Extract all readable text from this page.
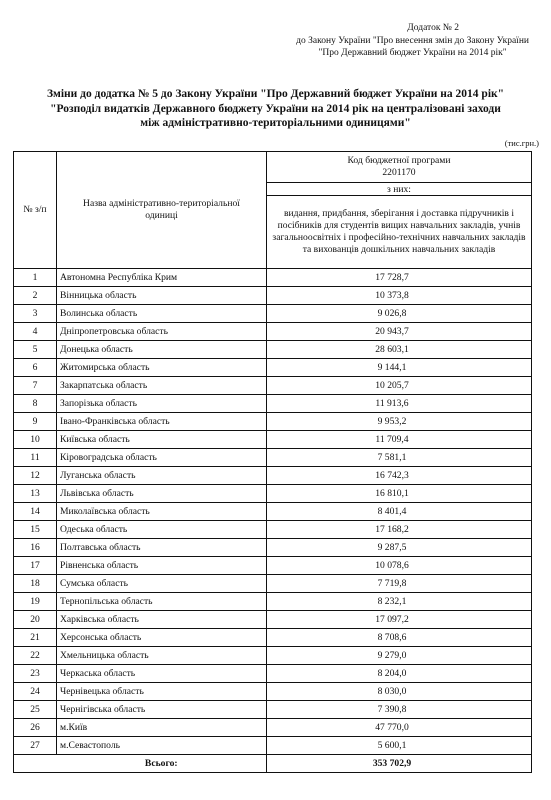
Додаток № 2
до Закону України "Про внесення змін до Закону України
"Про Державний бюджет України на 2014 рік"
Зміни до додатка № 5 до Закону України "Про Державний бюджет України на 2014 рік"
"Розподіл видатків Державного бюджету України на 2014 рік на централізовані заходи
між адміністративно-територіальними одиницями"
(тис.грн.)
№ з/п	Назва адміністративно-територіальної одиниці	Код бюджетної програми 2201170

		з них:
		видання, придбання, зберігання і доставка підручників і посібників для студентів вищих навчальних закладів, учнів загальноосвітніх і професійно-технічних навчальних закладів та вихованців дошкільних навчальних закладів
1	Автономна Республіка Крим	17 728,7
2	Вінницька область	10 373,8
3	Волинська область	9 026,8
4	Дніпропетровська область	20 943,7
5	Донецька область	28 603,1
6	Житомирська область	9 144,1
7	Закарпатська область	10 205,7
8	Запорізька область	11 913,6
9	Івано-Франківська область	9 953,2
10	Київська область	11 709,4
11	Кіровоградська область	7 581,1
12	Луганська область	16 742,3
13	Львівська область	16 810,1
14	Миколаївська область	8 401,4
15	Одеська область	17 168,2
16	Полтавська область	9 287,5
17	Рівненська область	10 078,6
18	Сумська область	7 719,8
19	Тернопільська область	8 232,1
20	Харківська область	17 097,2
21	Херсонська область	8 708,6
22	Хмельницька область	9 279,0
23	Черкаська область	8 204,0
24	Чернівецька область	8 030,0
25	Чернігівська область	7 390,8
26	м.Київ	47 770,0
27	м.Севастополь	5 600,1
	Всього:	353 702,9
